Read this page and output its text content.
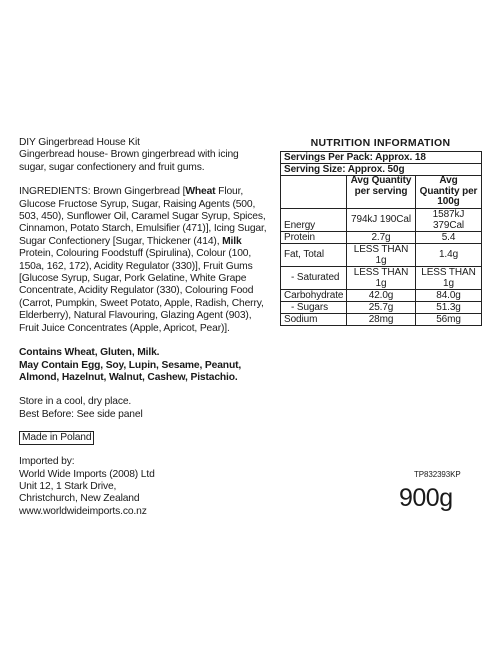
DIY Gingerbread House Kit

Gingerbread house- Brown gingerbread with icing sugar, sugar confectionery and fruit gums.

INGREDIENTS: Brown Gingerbread [Wheat Flour, Glucose Fructose Syrup, Sugar, Raising Agents (500, 503, 450), Sunflower Oil, Caramel Sugar Syrup, Spices, Cinnamon, Potato Starch, Emulsifier (471)], Icing Sugar, Sugar Confectionery [Sugar, Thickener (414), Milk Protein, Colouring Foodstuff (Spirulina), Colour (100, 150a, 162, 172), Acidity Regulator (330)], Fruit Gums [Glucose Syrup, Sugar, Pork Gelatine, White Grape Concentrate, Acidity Regulator (330), Colouring Food (Carrot, Pumpkin, Sweet Potato, Apple, Radish, Cherry, Elderberry), Natural Flavouring, Glazing Agent (903), Fruit Juice Concentrates (Apple, Apricot, Pear)].

Contains Wheat, Gluten, Milk.

May Contain Egg, Soy, Lupin, Sesame, Peanut, Almond, Hazelnut, Walnut, Cashew, Pistachio.

Store in a cool, dry place.

Best Before: See side panel

Made in Poland

Imported by:

World Wide Imports (2008) Ltd

Unit 12, 1 Stark Drive,

Christchurch, New Zealand

www.worldwideimports.co.nz

NUTRITION INFORMATION
Servings Per Pack: Approx. 18		
Serving Size: Approx. 50g		
	Avg Quantity per serving	Avg Quantity per 100g
Energy	794kJ 190Cal	1587kJ 379Cal
Protein	2.7g	5.4
Fat, Total	LESS THAN 1g	1.4g
- Saturated	LESS THAN 1g	LESS THAN 1g
Carbohydrate	42.0g	84.0g
- Sugars	25.7g	51.3g
Sodium	28mg	56mg
TP832393KP
900g
